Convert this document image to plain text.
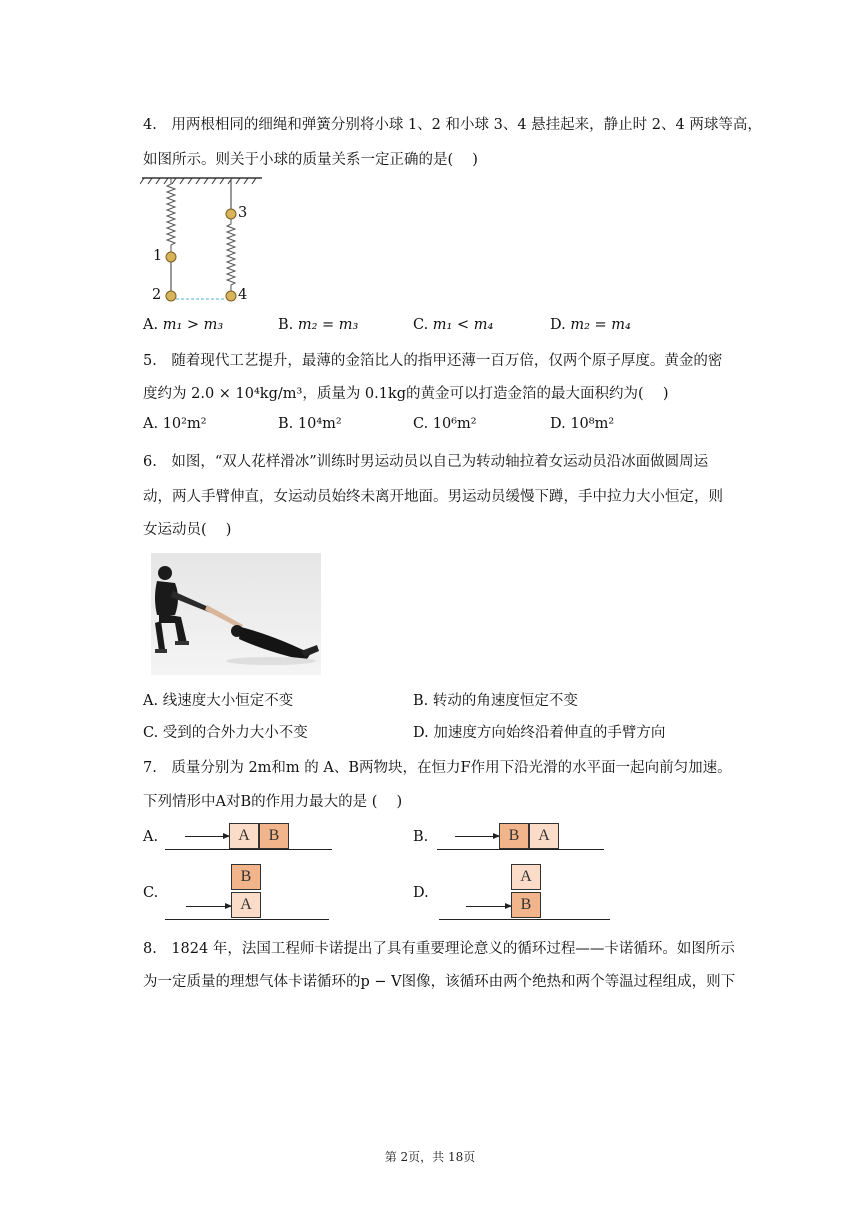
4. 用两根相同的细绳和弹簧分别将小球 1、2 和小球 3、4 悬挂起来，静止时 2、4 两球等高，
如图所示。则关于小球的质量关系一定正确的是(  )
1
2
3
4
A. m₁ > m₃	B. m₂ = m₃	C. m₁ < m₄	D. m₂ = m₄
5. 随着现代工艺提升，最薄的金箔比人的指甲还薄一百万倍，仅两个原子厚度。黄金的密
度约为 2.0 × 10⁴kg/m³，质量为 0.1kg的黄金可以打造金箔的最大面积约为(  )
A. 10²m²	B. 10⁴m²	C. 10⁶m²	D. 10⁸m²
6. 如图，“双人花样滑冰”训练时男运动员以自己为转动轴拉着女运动员沿冰面做圆周运
动，两人手臂伸直，女运动员始终未离开地面。男运动员缓慢下蹲，手中拉力大小恒定，则
女运动员(  )
A. 线速度大小恒定不变	B. 转动的角速度恒定不变
C. 受到的合外力大小不变	D. 加速度方向始终沿着伸直的手臂方向
7. 质量分别为 2m和m 的 A、B两物块，在恒力F作用下沿光滑的水平面一起向前匀加速。
下列情形中A对B的作用力最大的是 (  )
A.	A	B	B.	B	A
C.
B
A
D.
A
B
8. 1824 年，法国工程师卡诺提出了具有重要理论意义的循环过程——卡诺循环。如图所示
为一定质量的理想气体卡诺循环的p − V图像，该循环由两个绝热和两个等温过程组成，则下
第 2页，共 18页
